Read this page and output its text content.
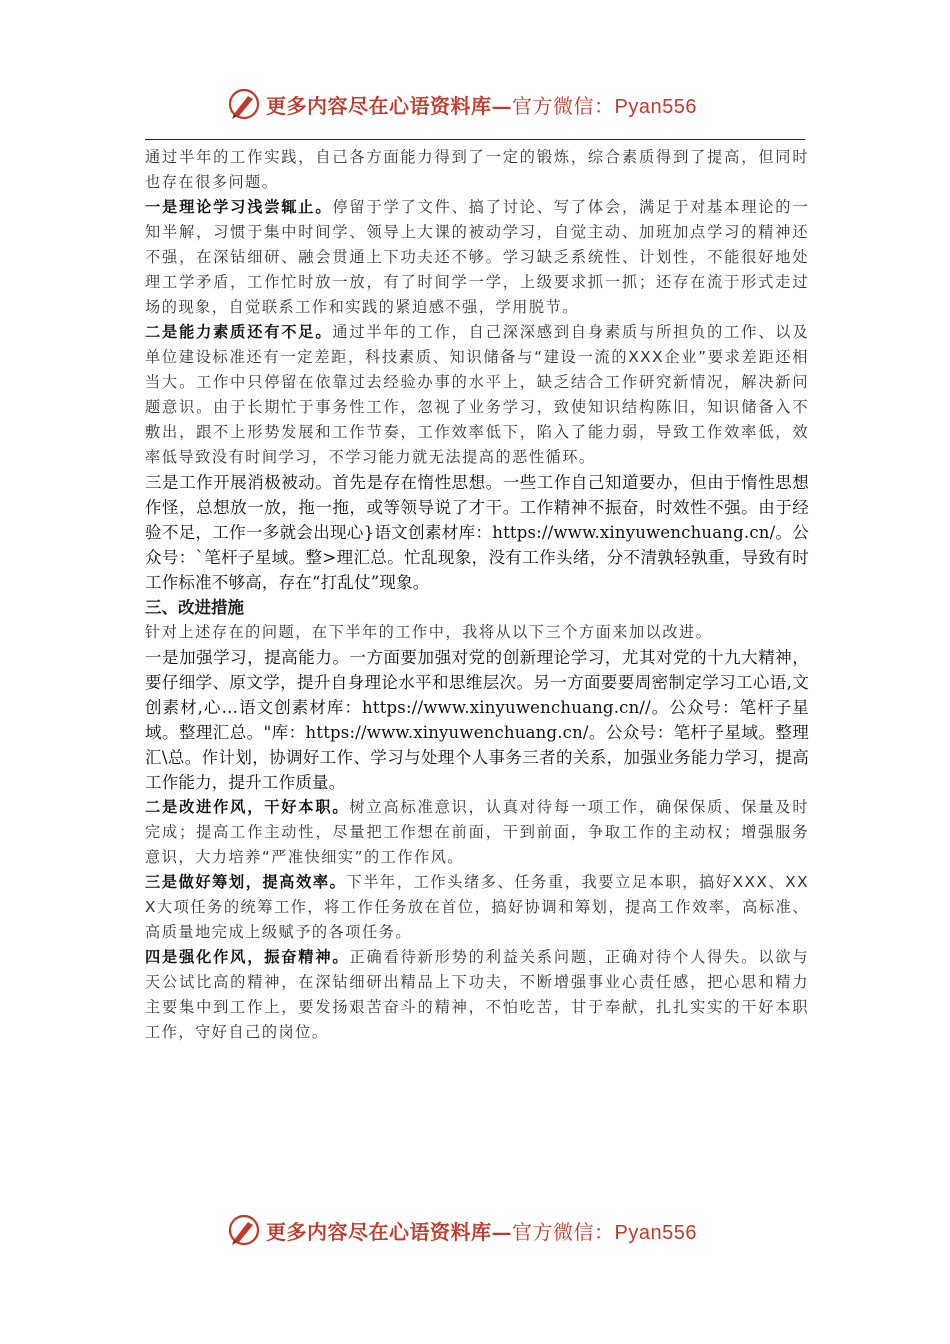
更多内容尽在心语资料库—官方微信：Pyan556

通过半年的工作实践，自己各方面能力得到了一定的锻炼，综合素质得到了提高，但同时也存在很多问题。

一是理论学习浅尝辄止。停留于学了文件、搞了讨论、写了体会，满足于对基本理论的一知半解，习惯于集中时间学、领导上大课的被动学习，自觉主动、加班加点学习的精神还不强，在深钻细研、融会贯通上下功夫还不够。学习缺乏系统性、计划性，不能很好地处理工学矛盾，工作忙时放一放，有了时间学一学，上级要求抓一抓；还存在流于形式走过场的现象，自觉联系工作和实践的紧迫感不强，学用脱节。

二是能力素质还有不足。通过半年的工作，自己深深感到自身素质与所担负的工作、以及单位建设标准还有一定差距，科技素质、知识储备与“建设一流的XXX企业”要求差距还相当大。工作中只停留在依靠过去经验办事的水平上，缺乏结合工作研究新情况，解决新问题意识。由于长期忙于事务性工作，忽视了业务学习，致使知识结构陈旧，知识储备入不敷出，跟不上形势发展和工作节奏，工作效率低下，陷入了能力弱，导致工作效率低，效率低导致没有时间学习，不学习能力就无法提高的恶性循环。

三是工作开展消极被动。首先是存在惰性思想。一些工作自己知道要办，但由于惰性思想作怪，总想放一放，拖一拖，或等领导说了才干。工作精神不振奋，时效性不强。由于经验不足，工作一多就会出现心}语文创素材库：https://www.xinyuwenchuang.cn/。公众号：`笔杆子星域。整>理汇总。忙乱现象，没有工作头绪，分不清孰轻孰重，导致有时工作标准不够高，存在“打乱仗”现象。

三、改进措施

针对上述存在的问题，在下半年的工作中，我将从以下三个方面来加以改进。

一是加强学习，提高能力。一方面要加强对党的创新理论学习，尤其对党的十九大精神，要仔细学、原文学，提升自身理论水平和思维层次。另一方面要要周密制定学习工心语,文创素材,心…语文创素材库：https://www.xinyuwenchuang.cn//。公众号：笔杆子星域。整理汇总。"库：https://www.xinyuwenchuang.cn/。公众号：笔杆子星域。整理汇\总。作计划，协调好工作、学习与处理个人事务三者的关系，加强业务能力学习，提高工作能力，提升工作质量。

二是改进作风，干好本职。树立高标准意识，认真对待每一项工作，确保保质、保量及时完成；提高工作主动性，尽量把工作想在前面，干到前面，争取工作的主动权；增强服务意识，大力培养“严准快细实”的工作作风。

三是做好筹划，提高效率。下半年，工作头绪多、任务重，我要立足本职，搞好XXX、XXX大项任务的统筹工作，将工作任务放在首位，搞好协调和筹划，提高工作效率，高标准、高质量地完成上级赋予的各项任务。

四是强化作风，振奋精神。正确看待新形势的利益关系问题，正确对待个人得失。以欲与天公试比高的精神，在深钻细研出精品上下功夫，不断增强事业心责任感，把心思和精力主要集中到工作上，要发扬艰苦奋斗的精神，不怕吃苦，甘于奉献，扎扎实实的干好本职工作，守好自己的岗位。

更多内容尽在心语资料库—官方微信：Pyan556
